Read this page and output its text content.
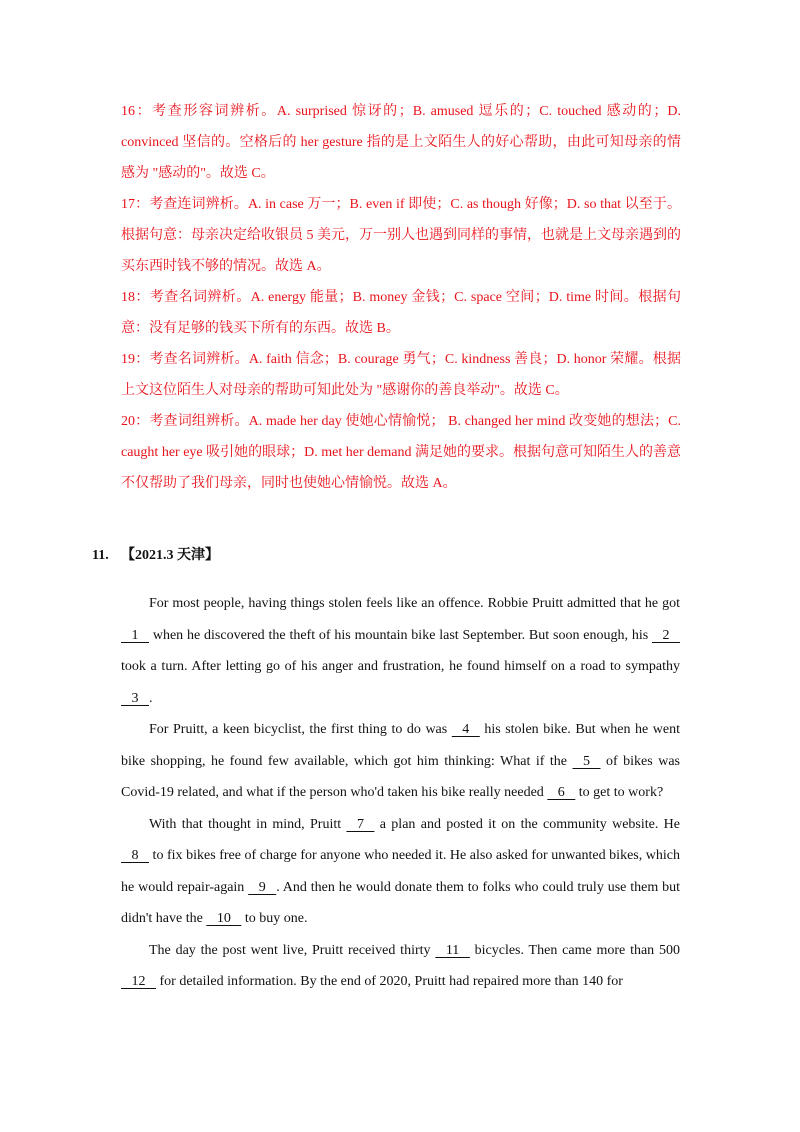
16：考查形容词辨析。A. surprised 惊讶的；B. amused 逗乐的；C. touched 感动的；D. convinced 坚信的。空格后的 her gesture 指的是上文陌生人的好心帮助，由此可知母亲的情感为 "感动的"。故选 C。

17：考查连词辨析。A. in case 万一；B. even if 即使；C. as though 好像；D. so that 以至于。根据句意：母亲决定给收银员 5 美元，万一别人也遇到同样的事情，也就是上文母亲遇到的买东西时钱不够的情况。故选 A。

18：考查名词辨析。A. energy 能量；B. money 金钱；C. space 空间；D. time 时间。根据句意：没有足够的钱买下所有的东西。故选 B。

19：考查名词辨析。A. faith 信念；B. courage 勇气；C. kindness 善良；D. honor 荣耀。根据上文这位陌生人对母亲的帮助可知此处为 "感谢你的善良举动"。故选 C。

20：考查词组辨析。A. made her day 使她心情愉悦； B. changed her mind 改变她的想法；C. caught her eye 吸引她的眼球；D. met her demand 满足她的要求。根据句意可知陌生人的善意不仅帮助了我们母亲，同时也使她心情愉悦。故选 A。

11. 【2021.3 天津】

For most people, having things stolen feels like an offence. Robbie Pruitt admitted that he got    1    when he discovered the theft of his mountain bike last September. But soon enough, his    2    took a turn. After letting go of his anger and frustration, he found himself on a road to sympathy    3   .

For Pruitt, a keen bicyclist, the first thing to do was    4    his stolen bike. But when he went bike shopping, he found few available, which got him thinking: What if the    5    of bikes was Covid-19 related, and what if the person who'd taken his bike really needed    6    to get to work?

With that thought in mind, Pruitt    7    a plan and posted it on the community website. He    8    to fix bikes free of charge for anyone who needed it. He also asked for unwanted bikes, which he would repair-again    9   . And then he would donate them to folks who could truly use them but didn't have the    10    to buy one.

The day the post went live, Pruitt received thirty    11    bicycles. Then came more than 500    12    for detailed information. By the end of 2020, Pruitt had repaired more than 140 for
